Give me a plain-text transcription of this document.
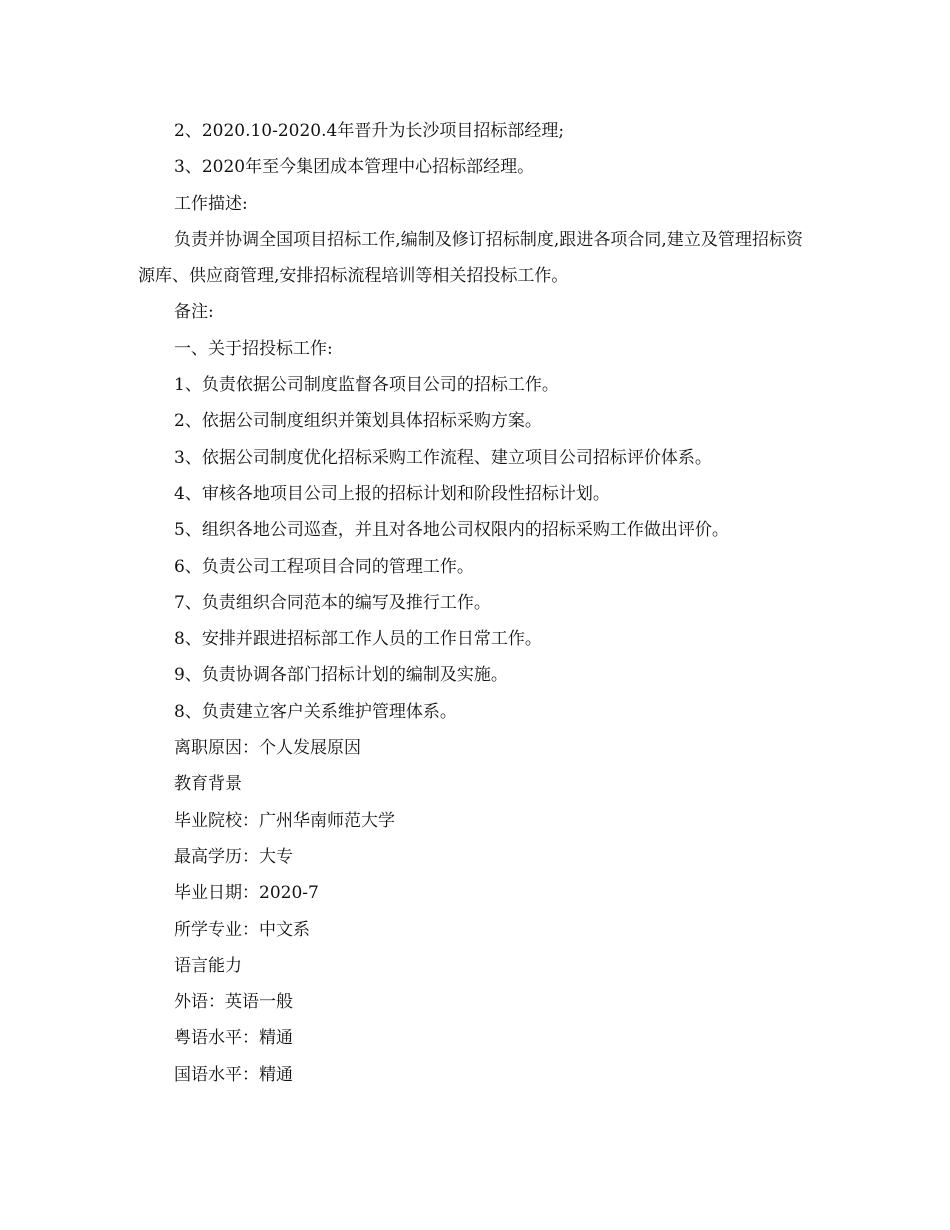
2、2020.10-2020.4年晋升为长沙项目招标部经理;
3、2020年至今集团成本管理中心招标部经理。
工作描述:
负责并协调全国项目招标工作,编制及修订招标制度,跟进各项合同,建立及管理招标资源库、供应商管理,安排招标流程培训等相关招投标工作。
备注:
一、关于招投标工作:
1、负责依据公司制度监督各项目公司的招标工作。
2、依据公司制度组织并策划具体招标采购方案。
3、依据公司制度优化招标采购工作流程、建立项目公司招标评价体系。
4、审核各地项目公司上报的招标计划和阶段性招标计划。
5、组织各地公司巡查，并且对各地公司权限内的招标采购工作做出评价。
6、负责公司工程项目合同的管理工作。
7、负责组织合同范本的编写及推行工作。
8、安排并跟进招标部工作人员的工作日常工作。
9、负责协调各部门招标计划的编制及实施。
8、负责建立客户关系维护管理体系。
离职原因：个人发展原因
教育背景
毕业院校：广州华南师范大学
最高学历：大专
毕业日期：2020-7
所学专业：中文系
语言能力
外语：英语一般
粤语水平：精通
国语水平：精通
